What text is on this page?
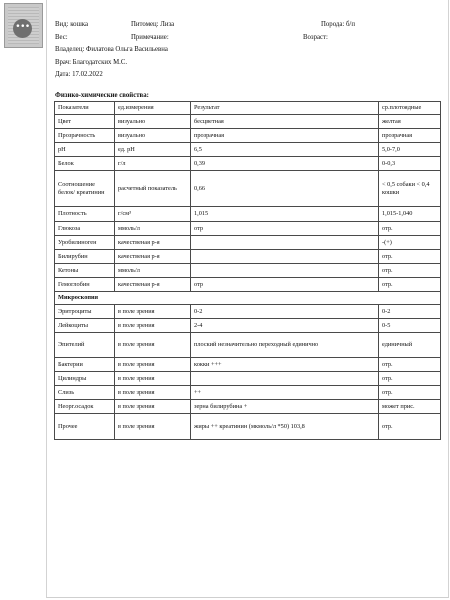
•••	Вид: кошка	Питомец: Лиза	Порода: б/п
Вес:	Примечание:	Возраст:
Владелец: Филатова Ольга Васильевна
Врач: Благодатских М.С.
Дата: 17.02.2022
Физико-химические свойства:
Показатели	ед.измерения	Результат	ср.плотоядные
Цвет	визуально	бесцветная	желтая
Прозрачность	визуально	прозрачная	прозрачная
pH	ед. pH	6,5	5,0-7,0
Белок	г/л	0,39	0-0,3
Соотношение белок/ креатинин	расчетный показатель	0,66	< 0,5 собаки < 0,4 кошки
Плотность	г/см³	1,015	1,015-1,040
Глюкоза	ммоль/л	отр	отр.
Уробилиноген	качественая р-я		-(+)
Билирубин	качественая р-я		отр.
Кетоны	ммоль/л		отр.
Гемоглобин	качественая р-я	отр	отр.
Микроскопия			
Эритроциты	в поле зрения	0-2	0-2
Лейкоциты	в поле зрения	2-4	0-5
Эпителий	в поле зрения	плоский незначительно переходный единично	единичный
Бактерии	в поле зрения	кокки +++	отр.
Цилиндры	в поле зрения		отр.
Слизь	в поле зрения	++	отр.
Неорг.осадок	в поле зрения	зерна билирубина +	может прис.
Прочее	в поле зрения	жиры ++ креатинин (мкмоль/л *50) 103,8	отр.
